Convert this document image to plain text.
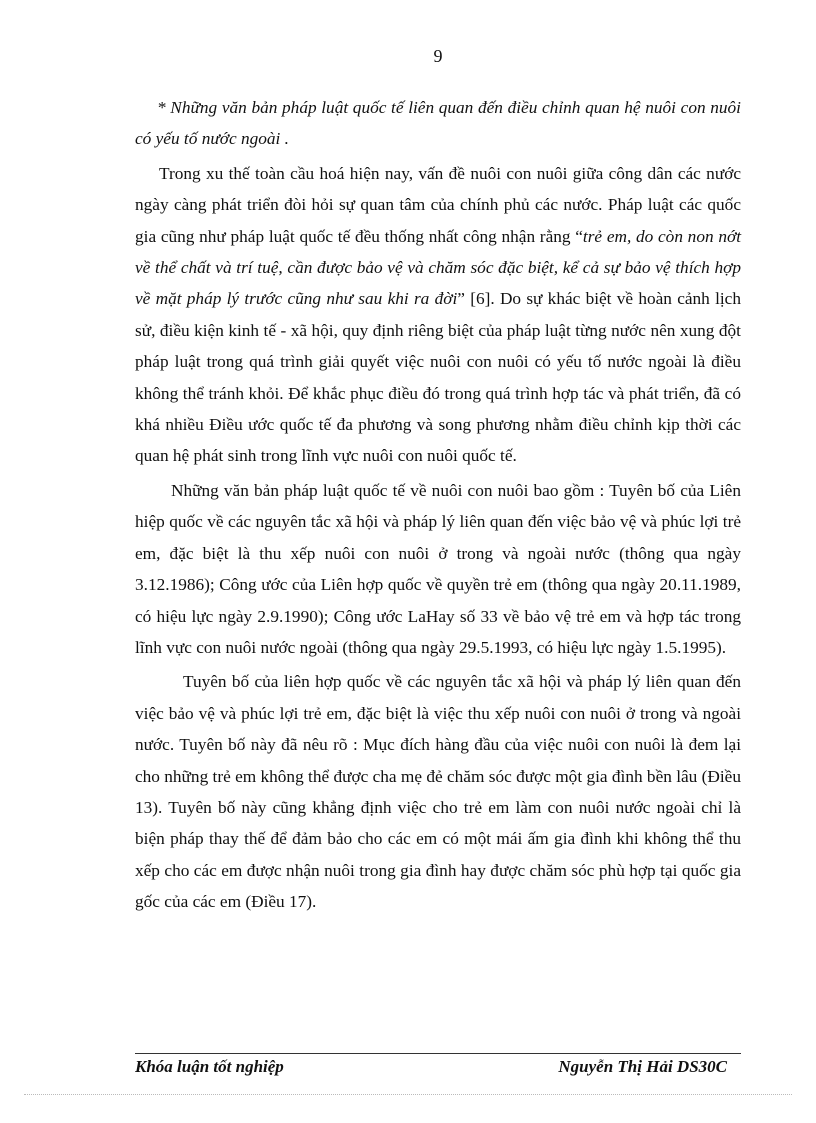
9

* Những văn bản pháp luật quốc tế liên quan đến điều chỉnh quan hệ nuôi con nuôi có yếu tố nước ngoài .

Trong xu thế toàn cầu hoá hiện nay, vấn đề nuôi con nuôi giữa công dân các nước ngày càng phát triển đòi hỏi sự quan tâm của chính phủ các nước. Pháp luật các quốc gia cũng như pháp luật quốc tế đều thống nhất công nhận rằng “trẻ em, do còn non nớt về thể chất và trí tuệ, cần được bảo vệ và chăm sóc đặc biệt, kể cả sự bảo vệ thích hợp về mặt pháp lý trước cũng như sau khi ra đời” [6]. Do sự khác biệt về hoàn cảnh lịch sử, điều kiện kinh tế - xã hội, quy định riêng biệt của pháp luật từng nước nên xung đột pháp luật trong quá trình giải quyết việc nuôi con nuôi có yếu tố nước ngoài là điều không thể tránh khỏi. Để khắc phục điều đó trong quá trình hợp tác và phát triển, đã có khá nhiều Điều ước quốc tế đa phương và song phương nhằm điều chỉnh kịp thời các quan hệ phát sinh trong lĩnh vực nuôi con nuôi quốc tế.

Những văn bản pháp luật quốc tế về nuôi con nuôi bao gồm : Tuyên bố của Liên hiệp quốc về các nguyên tắc xã hội và pháp lý liên quan đến việc bảo vệ và phúc lợi trẻ em, đặc biệt là thu xếp nuôi con nuôi ở trong và ngoài nước (thông qua ngày 3.12.1986); Công ước của Liên hợp quốc về quyền trẻ em (thông qua ngày 20.11.1989, có hiệu lực ngày 2.9.1990); Công ước LaHay số 33 về bảo vệ trẻ em và hợp tác trong lĩnh vực con nuôi nước ngoài (thông qua ngày 29.5.1993, có hiệu lực ngày 1.5.1995).

Tuyên bố của liên hợp quốc về các nguyên tắc xã hội và pháp lý liên quan đến việc bảo vệ và phúc lợi trẻ em, đặc biệt là việc thu xếp nuôi con nuôi ở trong và ngoài nước. Tuyên bố này đã nêu rõ : Mục đích hàng đầu của việc nuôi con nuôi là đem lại cho những trẻ em không thể được cha mẹ đẻ chăm sóc được một gia đình bền lâu (Điều 13). Tuyên bố này cũng khẳng định việc cho trẻ em làm con nuôi nước ngoài chỉ là biện pháp thay thế để đảm bảo cho các em có một mái ấm gia đình khi không thể thu xếp cho các em được nhận nuôi trong gia đình hay được chăm sóc phù hợp tại quốc gia gốc của các em (Điều 17).

Khóa luận tốt nghiệp	Nguyễn Thị Hải DS30C
